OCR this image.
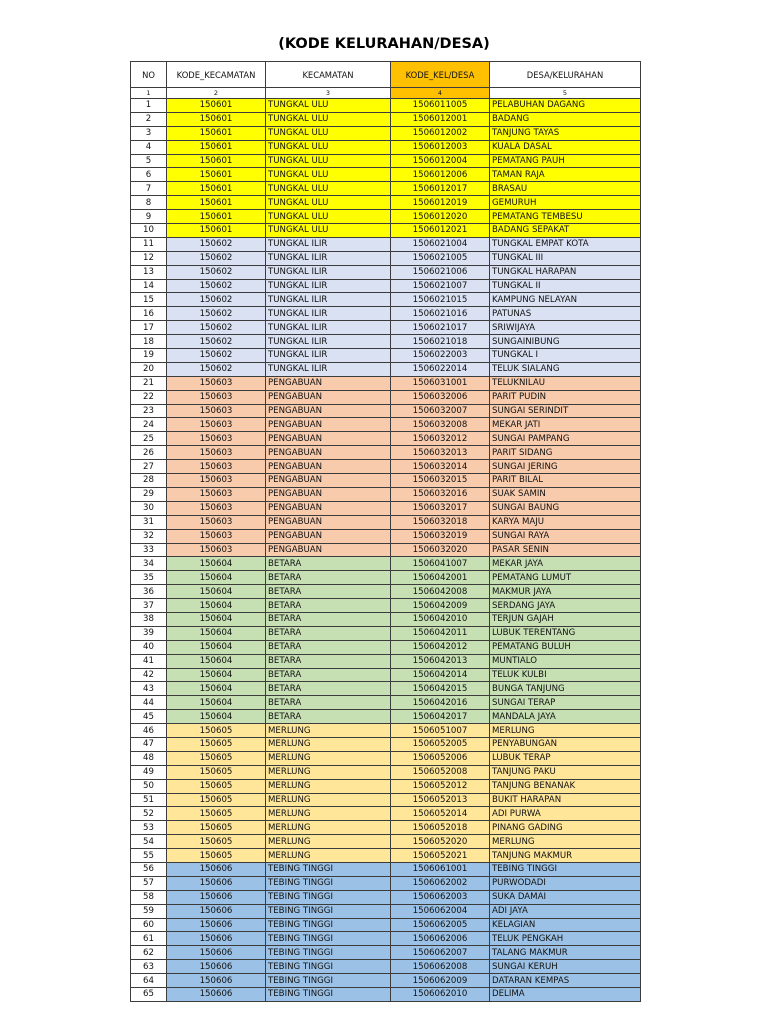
(KODE KELURAHAN/DESA)
NO	KODE_KECAMATAN	KECAMATAN	KODE_KEL/DESA	DESA/KELURAHAN
1	2	3	4	5
1	150601	TUNGKAL ULU	1506011005	PELABUHAN DAGANG
2	150601	TUNGKAL ULU	1506012001	BADANG
3	150601	TUNGKAL ULU	1506012002	TANJUNG TAYAS
4	150601	TUNGKAL ULU	1506012003	KUALA DASAL
5	150601	TUNGKAL ULU	1506012004	PEMATANG PAUH
6	150601	TUNGKAL ULU	1506012006	TAMAN RAJA
7	150601	TUNGKAL ULU	1506012017	BRASAU
8	150601	TUNGKAL ULU	1506012019	GEMURUH
9	150601	TUNGKAL ULU	1506012020	PEMATANG TEMBESU
10	150601	TUNGKAL ULU	1506012021	BADANG SEPAKAT
11	150602	TUNGKAL ILIR	1506021004	TUNGKAL EMPAT KOTA
12	150602	TUNGKAL ILIR	1506021005	TUNGKAL III
13	150602	TUNGKAL ILIR	1506021006	TUNGKAL HARAPAN
14	150602	TUNGKAL ILIR	1506021007	TUNGKAL II
15	150602	TUNGKAL ILIR	1506021015	KAMPUNG NELAYAN
16	150602	TUNGKAL ILIR	1506021016	PATUNAS
17	150602	TUNGKAL ILIR	1506021017	SRIWIJAYA
18	150602	TUNGKAL ILIR	1506021018	SUNGAINIBUNG
19	150602	TUNGKAL ILIR	1506022003	TUNGKAL I
20	150602	TUNGKAL ILIR	1506022014	TELUK SIALANG
21	150603	PENGABUAN	1506031001	TELUKNILAU
22	150603	PENGABUAN	1506032006	PARIT PUDIN
23	150603	PENGABUAN	1506032007	SUNGAI SERINDIT
24	150603	PENGABUAN	1506032008	MEKAR JATI
25	150603	PENGABUAN	1506032012	SUNGAI PAMPANG
26	150603	PENGABUAN	1506032013	PARIT SIDANG
27	150603	PENGABUAN	1506032014	SUNGAI JERING
28	150603	PENGABUAN	1506032015	PARIT BILAL
29	150603	PENGABUAN	1506032016	SUAK SAMIN
30	150603	PENGABUAN	1506032017	SUNGAI BAUNG
31	150603	PENGABUAN	1506032018	KARYA MAJU
32	150603	PENGABUAN	1506032019	SUNGAI RAYA
33	150603	PENGABUAN	1506032020	PASAR SENIN
34	150604	BETARA	1506041007	MEKAR JAYA
35	150604	BETARA	1506042001	PEMATANG LUMUT
36	150604	BETARA	1506042008	MAKMUR JAYA
37	150604	BETARA	1506042009	SERDANG JAYA
38	150604	BETARA	1506042010	TERJUN GAJAH
39	150604	BETARA	1506042011	LUBUK TERENTANG
40	150604	BETARA	1506042012	PEMATANG BULUH
41	150604	BETARA	1506042013	MUNTIALO
42	150604	BETARA	1506042014	TELUK KULBI
43	150604	BETARA	1506042015	BUNGA TANJUNG
44	150604	BETARA	1506042016	SUNGAI TERAP
45	150604	BETARA	1506042017	MANDALA JAYA
46	150605	MERLUNG	1506051007	MERLUNG
47	150605	MERLUNG	1506052005	PENYABUNGAN
48	150605	MERLUNG	1506052006	LUBUK TERAP
49	150605	MERLUNG	1506052008	TANJUNG PAKU
50	150605	MERLUNG	1506052012	TANJUNG BENANAK
51	150605	MERLUNG	1506052013	BUKIT HARAPAN
52	150605	MERLUNG	1506052014	ADI PURWA
53	150605	MERLUNG	1506052018	PINANG GADING
54	150605	MERLUNG	1506052020	MERLUNG
55	150605	MERLUNG	1506052021	TANJUNG MAKMUR
56	150606	TEBING TINGGI	1506061001	TEBING TINGGI
57	150606	TEBING TINGGI	1506062002	PURWODADI
58	150606	TEBING TINGGI	1506062003	SUKA DAMAI
59	150606	TEBING TINGGI	1506062004	ADI JAYA
60	150606	TEBING TINGGI	1506062005	KELAGIAN
61	150606	TEBING TINGGI	1506062006	TELUK PENGKAH
62	150606	TEBING TINGGI	1506062007	TALANG MAKMUR
63	150606	TEBING TINGGI	1506062008	SUNGAI KERUH
64	150606	TEBING TINGGI	1506062009	DATARAN KEMPAS
65	150606	TEBING TINGGI	1506062010	DELIMA
